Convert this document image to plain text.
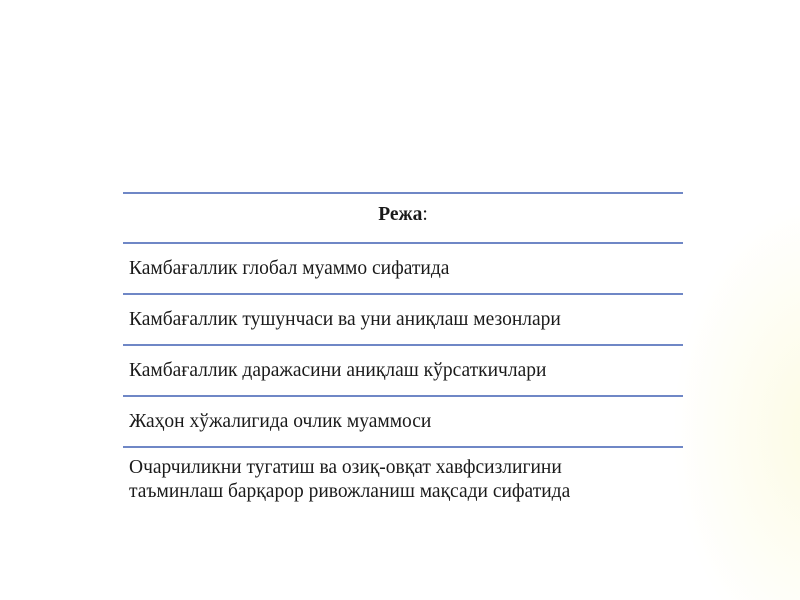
Режа:
Камбағаллик глобал муаммо сифатида
Камбағаллик тушунчаси ва уни аниқлаш мезонлари
Камбағаллик даражасини аниқлаш кўрсаткичлари
Жаҳон хўжалигида очлик муаммоси
Очарчиликни тугатиш ва озиқ-овқат хавфсизлигини
таъминлаш барқарор ривожланиш мақсади сифатида
